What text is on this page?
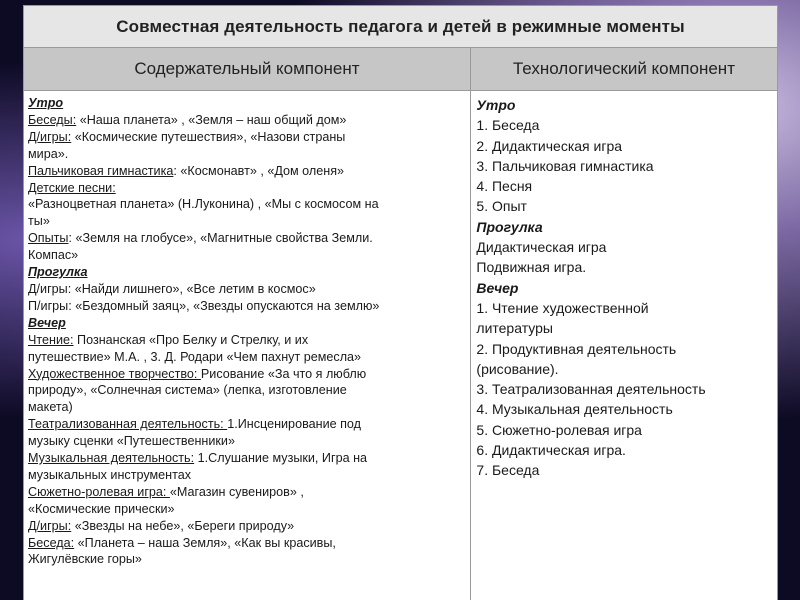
Совместная деятельность педагога и детей в режимные моменты
Содержательный компонент	Технологический компонент
Утро
Беседы: «Наша планета» , «Земля – наш общий дом»
Д/игры: «Космические путешествия», «Назови страны
мира».
Пальчиковая гимнастика: «Космонавт» , «Дом оленя»
Детские песни:
«Разноцветная планета» (Н.Луконина) , «Мы с космосом на
ты»
Опыты: «Земля на глобусе», «Магнитные свойства Земли.
Компас»
Прогулка
Д/игры: «Найди лишнего», «Все летим в космос»
П/игры: «Бездомный заяц», «Звезды опускаются на землю»
Вечер
Чтение: Познанская «Про Белку и Стрелку, и их
путешествие» М.А. , 3. Д. Родари «Чем пахнут ремесла»
Художественное творчество: Рисование «За что я люблю
природу», «Солнечная система» (лепка, изготовление
макета)
Театрализованная деятельность: 1.Инсценирование под
музыку сценки «Путешественники»
Музыкальная деятельность: 1.Слушание музыки, Игра на
музыкальных инструментах
Сюжетно-ролевая игра: «Магазин сувениров» ,
«Космические прически»
Д/игры: «Звезды на небе», «Береги природу»
Беседа: «Планета – наша Земля», «Как вы красивы,
Жигулёвские горы»
Утро
1. Беседа
2. Дидактическая игра
3. Пальчиковая гимнастика
4. Песня
5. Опыт
Прогулка
Дидактическая игра
Подвижная игра.
Вечер
1. Чтение художественной
литературы
2. Продуктивная деятельность
(рисование).
3. Театрализованная деятельность
4. Музыкальная деятельность
5. Сюжетно-ролевая игра
6. Дидактическая игра.
7. Беседа
